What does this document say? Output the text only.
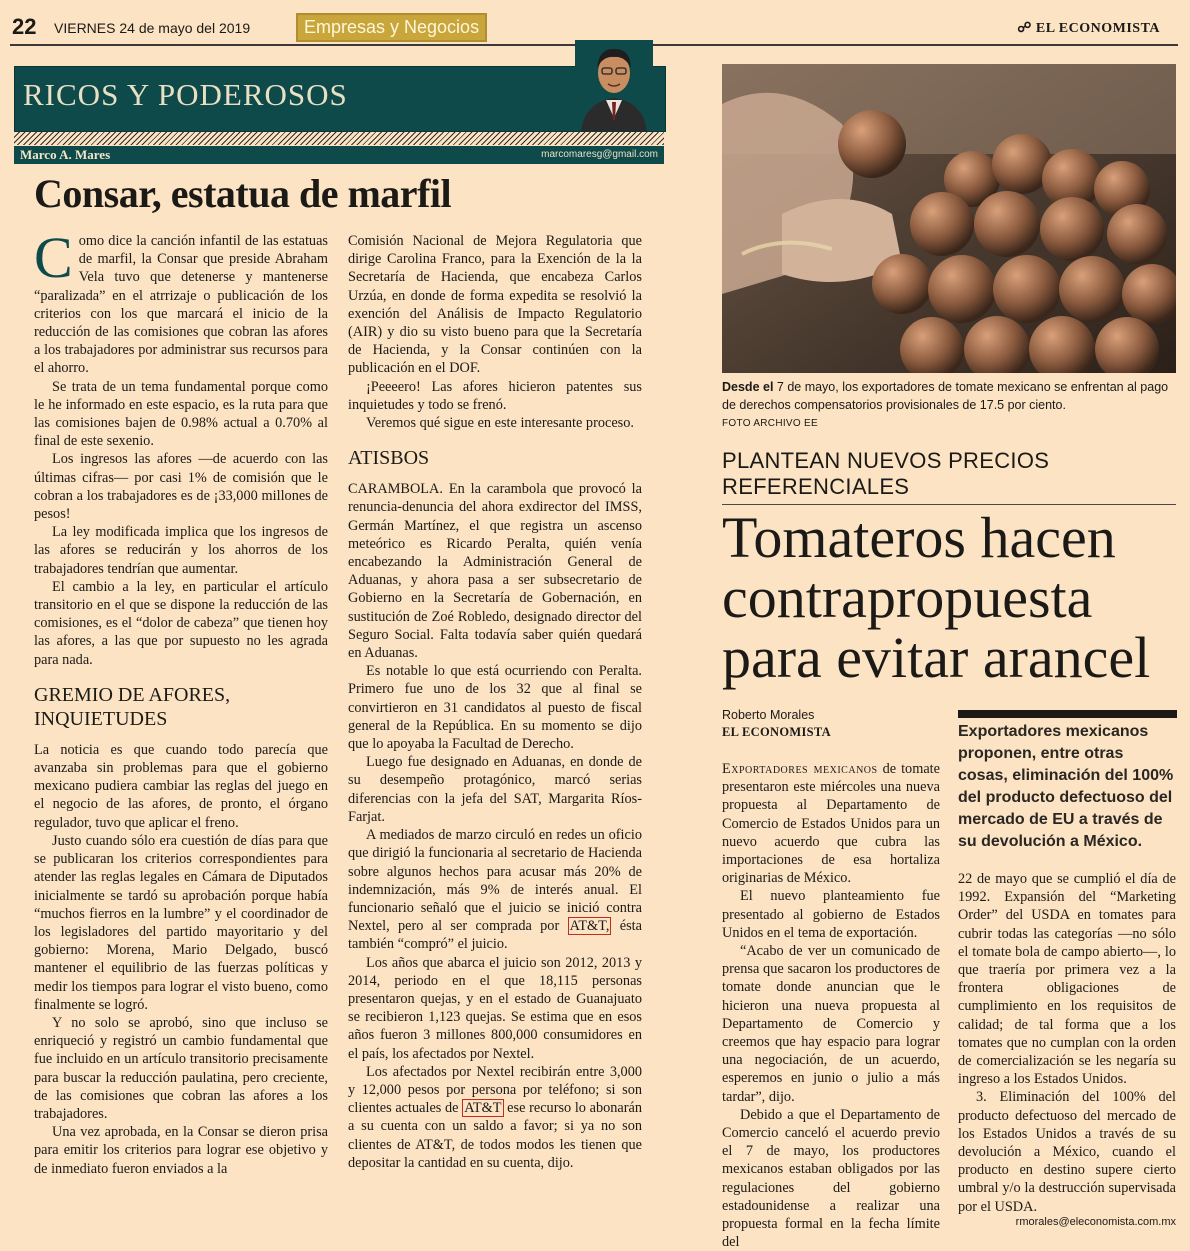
22 VIERNES 24 de mayo del 2019	Empresas y Negocios	☍ EL ECONOMISTA
RICOS Y PODEROSOS
Marco A. Mares	marcomaresg@gmail.com
Consar, estatua de marfil

Como dice la canción infantil de las estatuas de marfil, la Consar que preside Abraham Vela tuvo que detenerse y mantenerse “paralizada” en el atrrizaje o publicación de los criterios con los que marcará el inicio de la reducción de las comisiones que cobran las afores a los trabajadores por administrar sus recursos para el ahorro.

Se trata de un tema fundamental porque como le he informado en este espacio, es la ruta para que las comisiones bajen de 0.98% actual a 0.70% al final de este sexenio.

Los ingresos las afores —de acuerdo con las últimas cifras— por casi 1% de comisión que le cobran a los trabajadores es de ¡33,000 millones de pesos!

La ley modificada implica que los ingresos de las afores se reducirán y los ahorros de los trabajadores tendrían que aumentar.

El cambio a la ley, en particular el artículo transitorio en el que se dispone la reducción de las comisiones, es el “dolor de cabeza” que tienen hoy las afores, a las que por supuesto no les agrada para nada.

GREMIO DE AFORES, INQUIETUDES

La noticia es que cuando todo parecía que avanzaba sin problemas para que el gobierno mexicano pudiera cambiar las reglas del juego en el negocio de las afores, de pronto, el órgano regulador, tuvo que aplicar el freno.

Justo cuando sólo era cuestión de días para que se publicaran los criterios correspondientes para atender las reglas legales en Cámara de Diputados inicialmente se tardó su aprobación porque había “muchos fierros en la lumbre” y el coordinador de los legisladores del partido mayoritario y del gobierno: Morena, Mario Delgado, buscó mantener el equilibrio de las fuerzas políticas y medir los tiempos para lograr el visto bueno, como finalmente se logró.

Y no solo se aprobó, sino que incluso se enriqueció y registró un cambio fundamental que fue incluido en un artículo transitorio precisamente para buscar la reducción paulatina, pero creciente, de las comisiones que cobran las afores a los trabajadores.

Una vez aprobada, en la Consar se dieron prisa para emitir los criterios para lograr ese objetivo y de inmediato fueron enviados a la

Comisión Nacional de Mejora Regulatoria que dirige Carolina Franco, para la Exención de la la Secretaría de Hacienda, que encabeza Carlos Urzúa, en donde de forma expedita se resolvió la exención del Análisis de Impacto Regulatorio (AIR) y dio su visto bueno para que la Secretaría de Hacienda, y la Consar continúen con la publicación en el DOF.

¡Peeeero! Las afores hicieron patentes sus inquietudes y todo se frenó.

Veremos qué sigue en este interesante proceso.

ATISBOS

CARAMBOLA. En la carambola que provocó la renuncia-denuncia del ahora exdirector del IMSS, Germán Martínez, el que registra un ascenso meteórico es Ricardo Peralta, quién venía encabezando la Administración General de Aduanas, y ahora pasa a ser subsecretario de Gobierno en la Secretaría de Gobernación, en sustitución de Zoé Robledo, designado director del Seguro Social. Falta todavía saber quién quedará en Aduanas.

Es notable lo que está ocurriendo con Peralta. Primero fue uno de los 32 que al final se convirtieron en 31 candidatos al puesto de fiscal general de la República. En su momento se dijo que lo apoyaba la Facultad de Derecho.

Luego fue designado en Aduanas, en donde de su desempeño protagónico, marcó serias diferencias con la jefa del SAT, Margarita Ríos-Farjat.

A mediados de marzo circuló en redes un oficio que dirigió la funcionaria al secretario de Hacienda sobre algunos hechos para acusar más 20% de indemnización, más 9% de interés anual. El funcionario señaló que el juicio se inició contra Nextel, pero al ser comprada por AT&T, ésta también “compró” el juicio.

Los años que abarca el juicio son 2012, 2013 y 2014, periodo en el que 18,115 personas presentaron quejas, y en el estado de Guanajuato se recibieron 1,123 quejas. Se estima que en esos años fueron 3 millones 800,000 consumidores en el país, los afectados por Nextel.

Los afectados por Nextel recibirán entre 3,000 y 12,000 pesos por persona por teléfono; si son clientes actuales de AT&T ese recurso lo abonarán a su cuenta con un saldo a favor; si ya no son clientes de AT&T, de todos modos les tienen que depositar la cantidad en su cuenta, dijo.

Desde el 7 de mayo, los exportadores de tomate mexicano se enfrentan al pago de derechos compensatorios provisionales de 17.5 por ciento.
FOTO ARCHIVO EE
PLANTEAN NUEVOS PRECIOS REFERENCIALES
Tomateros hacen contrapropuesta para evitar arancel
Roberto Morales
EL ECONOMISTA	Exportadores mexicanos proponen, entre otras cosas, eliminación del 100% del producto defectuoso del mercado de EU a través de su devolución a México.

Exportadores mexicanos de tomate presentaron este miércoles una nueva propuesta al Departamento de Comercio de Estados Unidos para un nuevo acuerdo que cubra las importaciones de esa hortaliza originarias de México.

El nuevo planteamiento fue presentado al gobierno de Estados Unidos en el tema de exportación.

“Acabo de ver un comunicado de prensa que sacaron los productores de tomate donde anuncian que le hicieron una nueva propuesta al Departamento de Comercio y creemos que hay espacio para lograr una negociación, de un acuerdo, esperemos en junio o julio a más tardar”, dijo.

Debido a que el Departamento de Comercio canceló el acuerdo previo el 7 de mayo, los productores mexicanos estaban obligados por las regulaciones del gobierno estadounidense a realizar una propuesta formal en la fecha límite del

22 de mayo que se cumplió el día de 1992. Expansión del “Marketing Order” del USDA en tomates para cubrir todas las categorías —no sólo el tomate bola de campo abierto—, lo que traería por primera vez a la frontera obligaciones de cumplimiento en los requisitos de calidad; de tal forma que a los tomates que no cumplan con la orden de comercialización se les negaría su ingreso a los Estados Unidos.

3. Eliminación del 100% del producto defectuoso del mercado de los Estados Unidos a través de su devolución a México, cuando el producto en destino supere cierto umbral y/o la destrucción supervisada por el USDA.

rmorales@eleconomista.com.mx
